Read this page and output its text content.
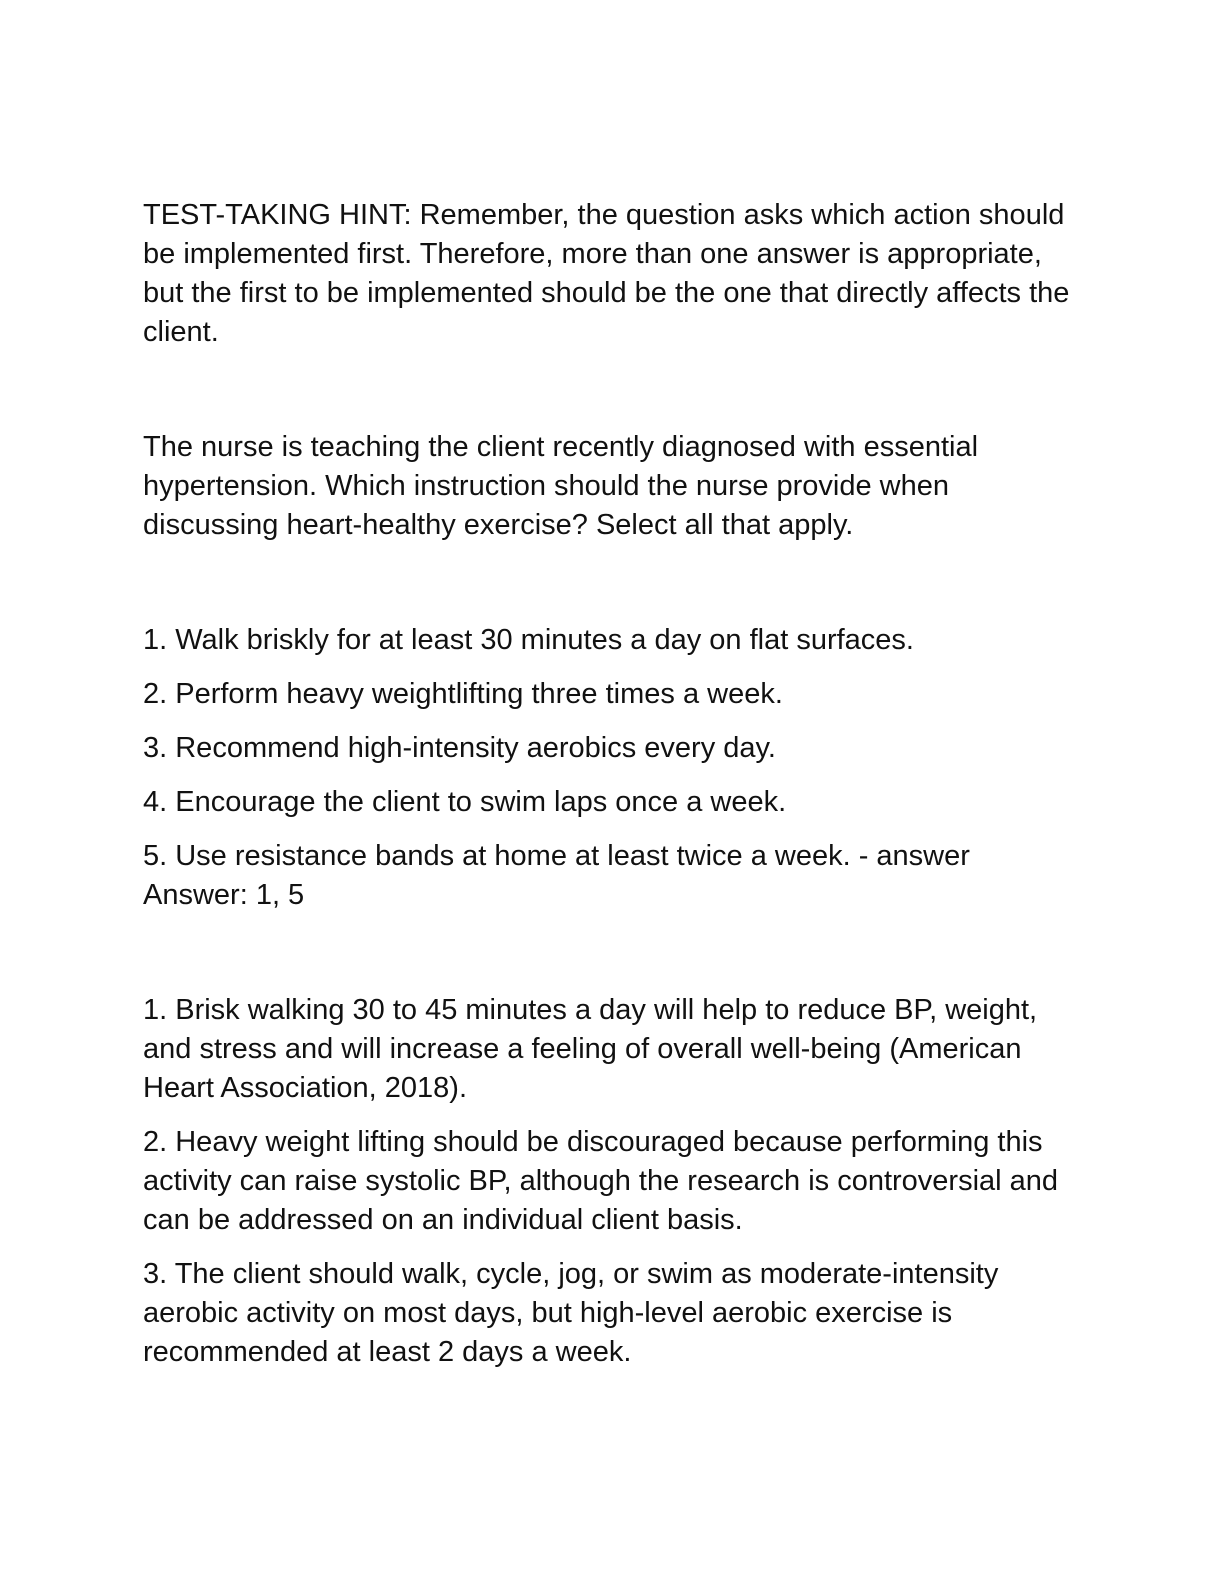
TEST-TAKING HINT: Remember, the question asks which action should be implemented first. Therefore, more than one answer is appropriate, but the first to be implemented should be the one that directly affects the client.

The nurse is teaching the client recently diagnosed with essential hypertension. Which instruction should the nurse provide when discussing heart-healthy exercise? Select all that apply.

1. Walk briskly for at least 30 minutes a day on flat surfaces.

2. Perform heavy weightlifting three times a week.

3. Recommend high-intensity aerobics every day.

4. Encourage the client to swim laps once a week.

5. Use resistance bands at home at least twice a week. - answer

Answer: 1, 5

1. Brisk walking 30 to 45 minutes a day will help to reduce BP, weight, and stress and will increase a feeling of overall well-being (American Heart Association, 2018).

2. Heavy weight lifting should be discouraged because performing this activity can raise systolic BP, although the research is controversial and can be addressed on an individual client basis.

3. The client should walk, cycle, jog, or swim as moderate-intensity aerobic activity on most days, but high-level aerobic exercise is recommended at least 2 days a week.
